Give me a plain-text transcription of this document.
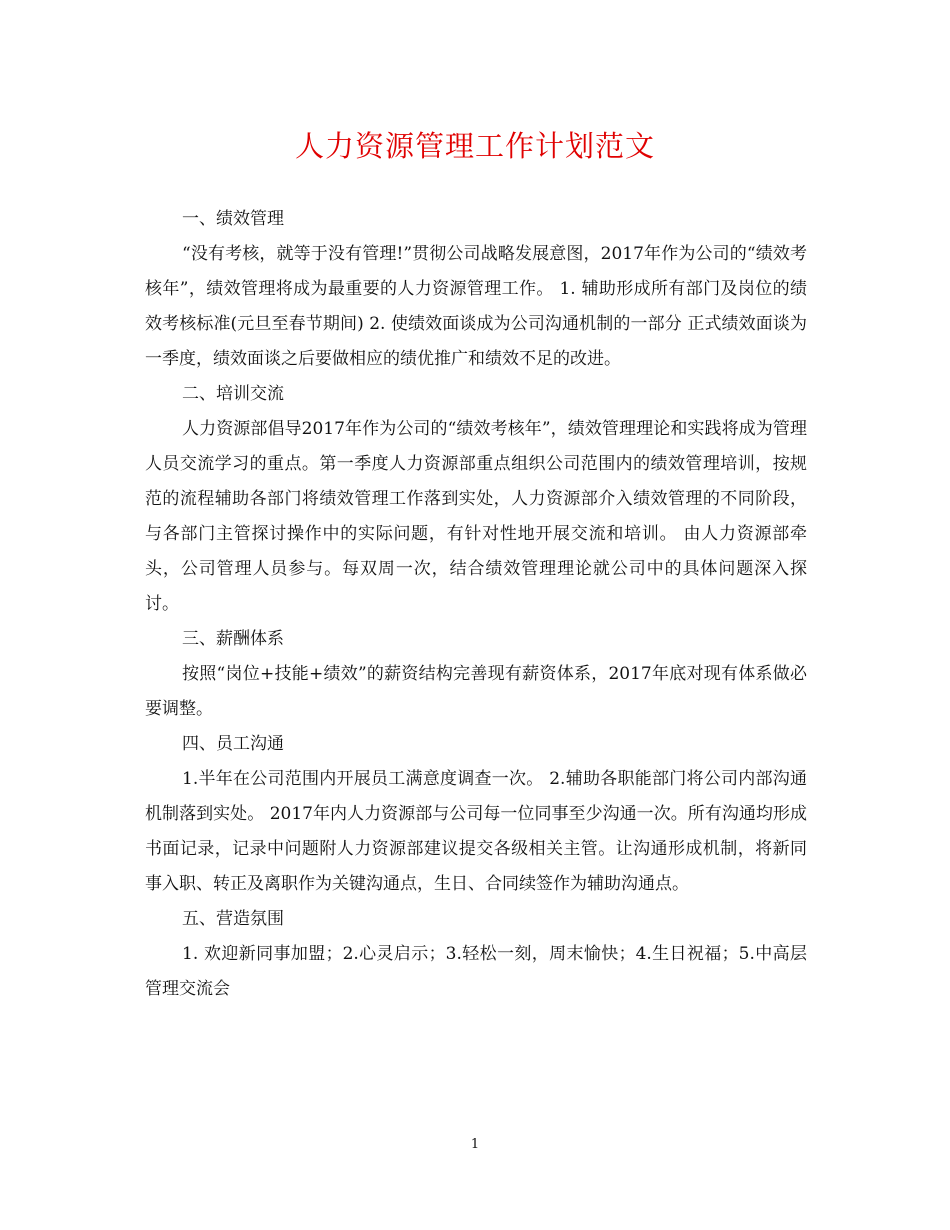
人力资源管理工作计划范文

一、绩效管理

“没有考核，就等于没有管理!”贯彻公司战略发展意图，2017年作为公司的“绩效考核年”，绩效管理将成为最重要的人力资源管理工作。 1. 辅助形成所有部门及岗位的绩效考核标准(元旦至春节期间) 2. 使绩效面谈成为公司沟通机制的一部分 正式绩效面谈为一季度，绩效面谈之后要做相应的绩优推广和绩效不足的改进。

二、培训交流

人力资源部倡导2017年作为公司的“绩效考核年”，绩效管理理论和实践将成为管理人员交流学习的重点。第一季度人力资源部重点组织公司范围内的绩效管理培训，按规范的流程辅助各部门将绩效管理工作落到实处，人力资源部介入绩效管理的不同阶段，与各部门主管探讨操作中的实际问题，有针对性地开展交流和培训。 由人力资源部牵头，公司管理人员参与。每双周一次，结合绩效管理理论就公司中的具体问题深入探讨。

三、薪酬体系

按照“岗位+技能+绩效”的薪资结构完善现有薪资体系，2017年底对现有体系做必要调整。

四、员工沟通

1.半年在公司范围内开展员工满意度调查一次。 2.辅助各职能部门将公司内部沟通机制落到实处。 2017年内人力资源部与公司每一位同事至少沟通一次。所有沟通均形成书面记录，记录中问题附人力资源部建议提交各级相关主管。让沟通形成机制，将新同事入职、转正及离职作为关键沟通点，生日、合同续签作为辅助沟通点。

五、营造氛围

1. 欢迎新同事加盟；2.心灵启示；3.轻松一刻，周末愉快；4.生日祝福；5.中高层管理交流会

1
